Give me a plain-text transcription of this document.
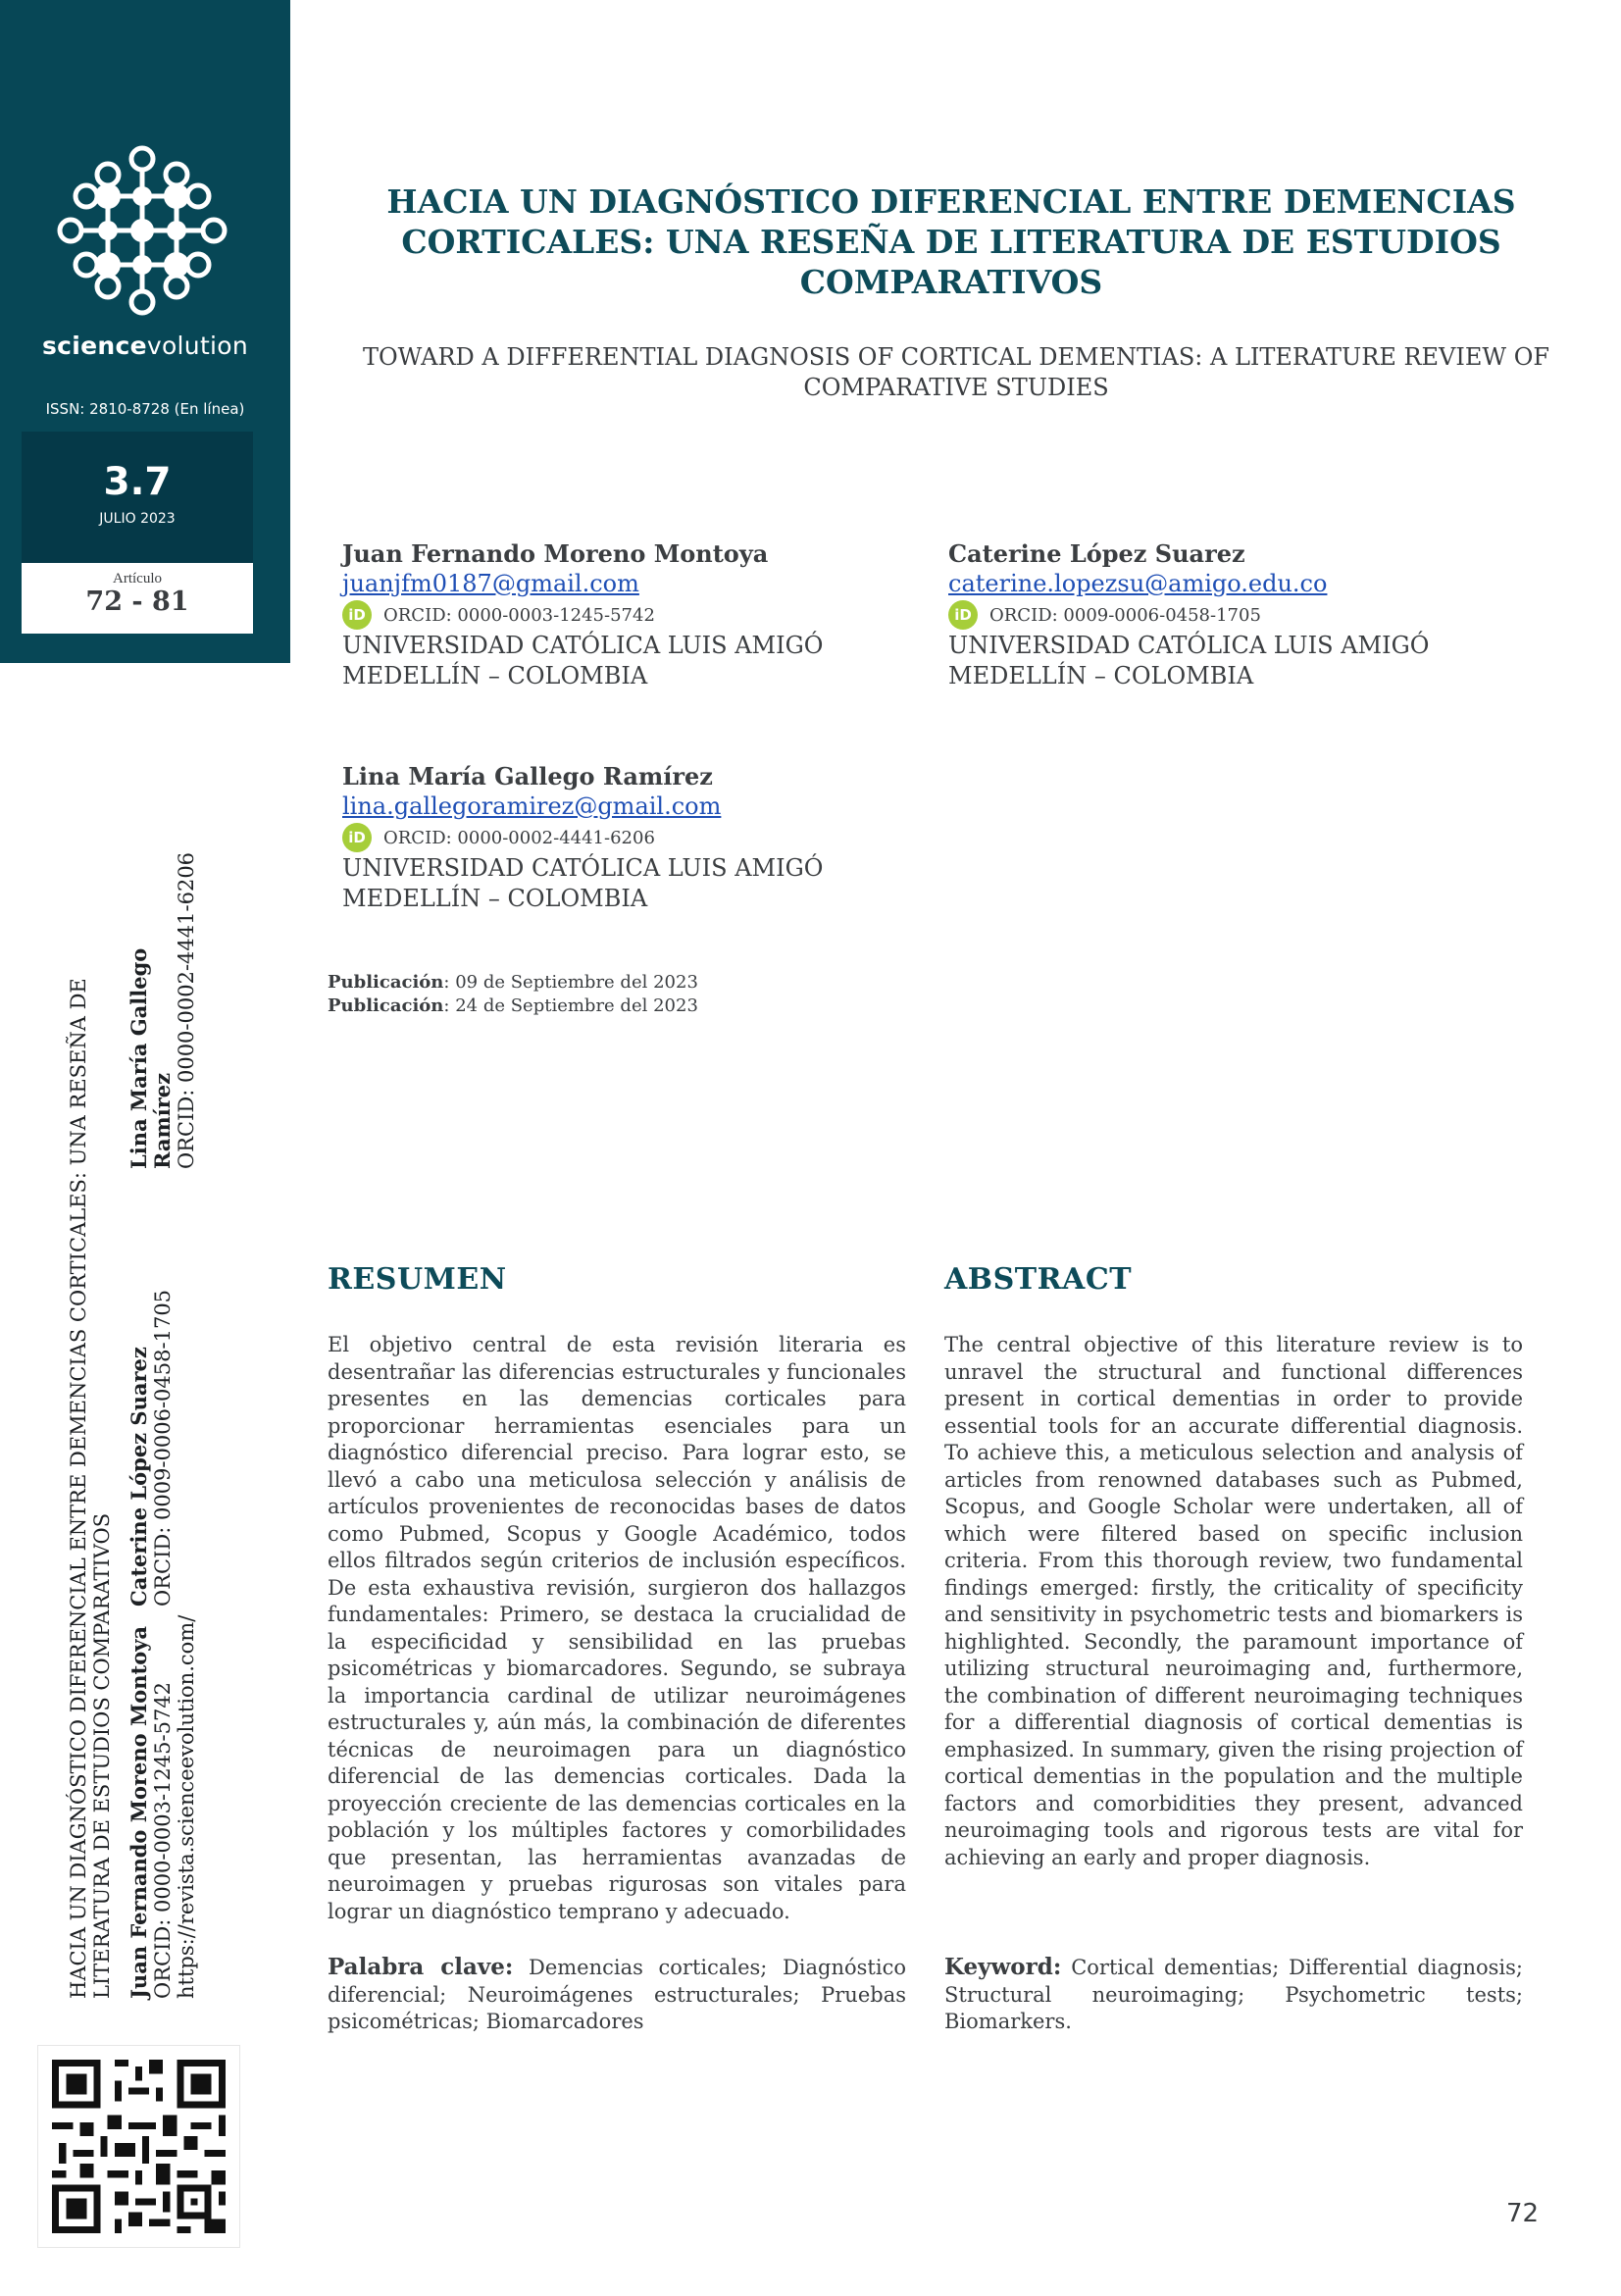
sciencevolution
ISSN: 2810-8728 (En línea)
3.7
JULIO 2023
Artículo
72 - 81
HACIA UN DIAGNÓSTICO DIFERENCIAL ENTRE DEMENCIAS CORTICALES: UNA RESEÑA DE LITERATURA DE ESTUDIOS COMPARATIVOS
TOWARD A DIFFERENTIAL DIAGNOSIS OF CORTICAL DEMENTIAS: A LITERATURE REVIEW OF COMPARATIVE STUDIES
Juan Fernando Moreno Montoya
juanjfm0187@gmail.com
iD	ORCID: 0000-0003-1245-5742
UNIVERSIDAD CATÓLICA LUIS AMIGÓ
MEDELLÍN – COLOMBIA
Caterine López Suarez
caterine.lopezsu@amigo.edu.co
iD	ORCID: 0009-0006-0458-1705
UNIVERSIDAD CATÓLICA LUIS AMIGÓ
MEDELLÍN – COLOMBIA
Lina María Gallego Ramírez
lina.gallegoramirez@gmail.com
iD	ORCID: 0000-0002-4441-6206
UNIVERSIDAD CATÓLICA LUIS AMIGÓ
MEDELLÍN – COLOMBIA
Publicación: 09 de Septiembre del 2023
Publicación: 24 de Septiembre del 2023
RESUMEN
El objetivo central de esta revisión literaria es desentrañar las diferencias estructurales y funcionales presentes en las demencias corticales para proporcionar herramientas esenciales para un diagnóstico diferencial preciso. Para lograr esto, se llevó a cabo una meticulosa selección y análisis de artículos provenientes de reconocidas bases de datos como Pubmed, Scopus y Google Académico, todos ellos filtrados según criterios de inclusión específicos. De esta exhaustiva revisión, surgieron dos hallazgos fundamentales: Primero, se destaca la crucialidad de la especificidad y sensibilidad en las pruebas psicométricas y biomarcadores. Segundo, se subraya la importancia cardinal de utilizar neuroimágenes estructurales y, aún más, la combinación de diferentes técnicas de neuroimagen para un diagnóstico diferencial de las demencias corticales. Dada la proyección creciente de las demencias corticales en la población y los múltiples factores y comorbilidades que presentan, las herramientas avanzadas de neuroimagen y pruebas rigurosas son vitales para lograr un diagnóstico temprano y adecuado.
Palabra clave: Demencias corticales; Diagnóstico diferencial; Neuroimágenes estructurales; Pruebas psicométricas; Biomarcadores
ABSTRACT
The central objective of this literature review is to unravel the structural and functional differences present in cortical dementias in order to provide essential tools for an accurate differential diagnosis. To achieve this, a meticulous selection and analysis of articles from renowned databases such as Pubmed, Scopus, and Google Scholar were undertaken, all of which were filtered based on specific inclusion criteria. From this thorough review, two fundamental findings emerged: firstly, the criticality of specificity and sensitivity in psychometric tests and biomarkers is highlighted. Secondly, the paramount importance of utilizing structural neuroimaging and, furthermore, the combination of different neuroimaging techniques for a differential diagnosis of cortical dementias is emphasized. In summary, given the rising projection of cortical dementias in the population and the multiple factors and comorbidities they present, advanced neuroimaging tools and rigorous tests are vital for achieving an early and proper diagnosis.
Keyword: Cortical dementias; Differential diagnosis; Structural neuroimaging; Psychometric tests; Biomarkers.
HACIA UN DIAGNÓSTICO DIFERENCIAL ENTRE DEMENCIAS CORTICALES: UNA RESEÑA DE LITERATURA DE ESTUDIOS COMPARATIVOS Juan Fernando Moreno Montoya
ORCID: 0000-0003-1245-5742
https://revista.scienceevolution.com/
Caterine López Suarez
ORCID: 0009-0006-0458-1705
Lina María Gallego Ramírez
ORCID: 0000-0002-4441-6206
72
